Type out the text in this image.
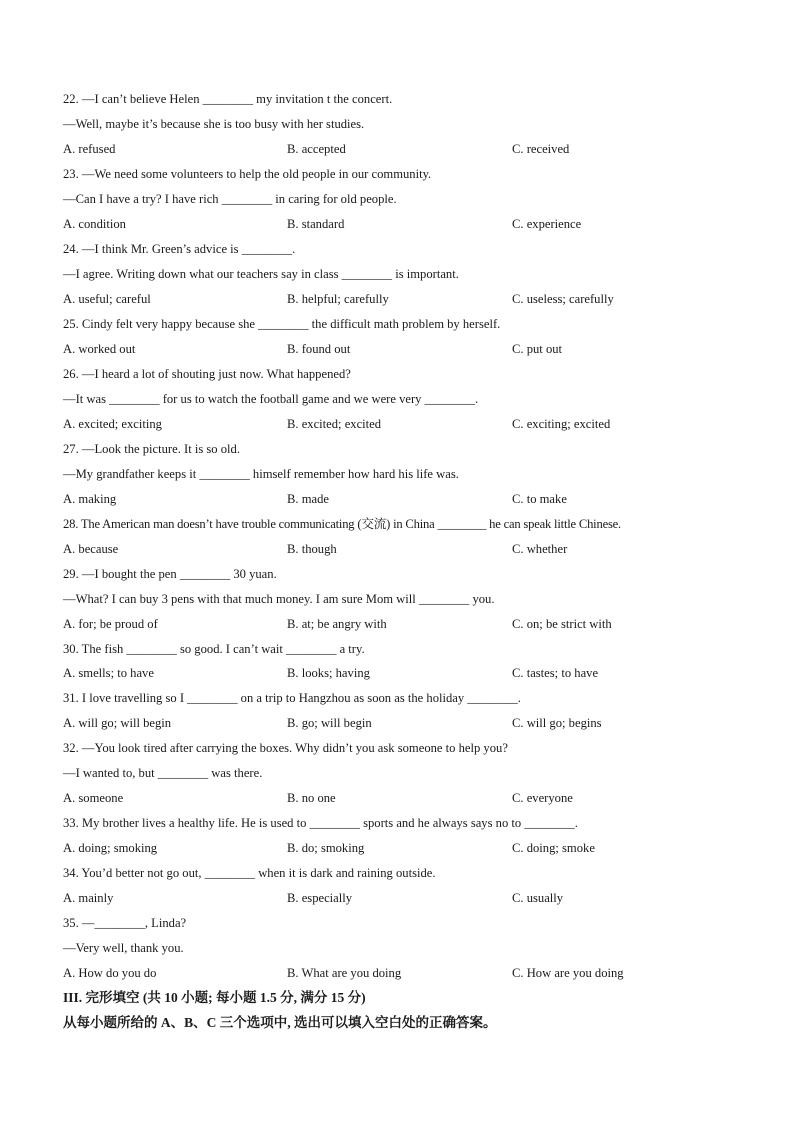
22. —I can’t believe Helen ________ my invitation t the concert.
—Well, maybe it’s because she is too busy with her studies.
A. refused	B. accepted	C. received
23. —We need some volunteers to help the old people in our community.
—Can I have a try? I have rich ________ in caring for old people.
A. condition	B. standard	C. experience
24. —I think Mr. Green’s advice is ________.
—I agree. Writing down what our teachers say in class ________ is important.
A. useful; careful	B. helpful; carefully	C. useless; carefully
25. Cindy felt very happy because she ________ the difficult math problem by herself.
A. worked out	B. found out	C. put out
26. —I heard a lot of shouting just now. What happened?
—It was ________ for us to watch the football game and we were very ________.
A. excited; exciting	B. excited; excited	C. exciting; excited
27. —Look the picture. It is so old.
—My grandfather keeps it ________ himself remember how hard his life was.
A. making	B. made	C. to make
28. The American man doesn’t have trouble communicating (交流) in China ________ he can speak little Chinese.
A. because	B. though	C. whether
29. —I bought the pen ________ 30 yuan.
—What? I can buy 3 pens with that much money. I am sure Mom will ________ you.
A. for; be proud of	B. at; be angry with	C. on; be strict with
30. The fish ________ so good. I can’t wait ________ a try.
A. smells; to have	B. looks; having	C. tastes; to have
31. I love travelling so I ________ on a trip to Hangzhou as soon as the holiday ________.
A. will go; will begin	B. go; will begin	C. will go; begins
32. —You look tired after carrying the boxes. Why didn’t you ask someone to help you?
—I wanted to, but ________ was there.
A. someone	B. no one	C. everyone
33. My brother lives a healthy life. He is used to ________ sports and he always says no to ________.
A. doing; smoking	B. do; smoking	C. doing; smoke
34. You’d better not go out, ________ when it is dark and raining outside.
A. mainly	B. especially	C. usually
35. —________, Linda?
—Very well, thank you.
A. How do you do	B. What are you doing	C. How are you doing
III. 完形填空 (共 10 小题; 每小题 1.5 分, 满分 15 分)
从每小题所给的 A、B、C 三个选项中, 选出可以填入空白处的正确答案。
